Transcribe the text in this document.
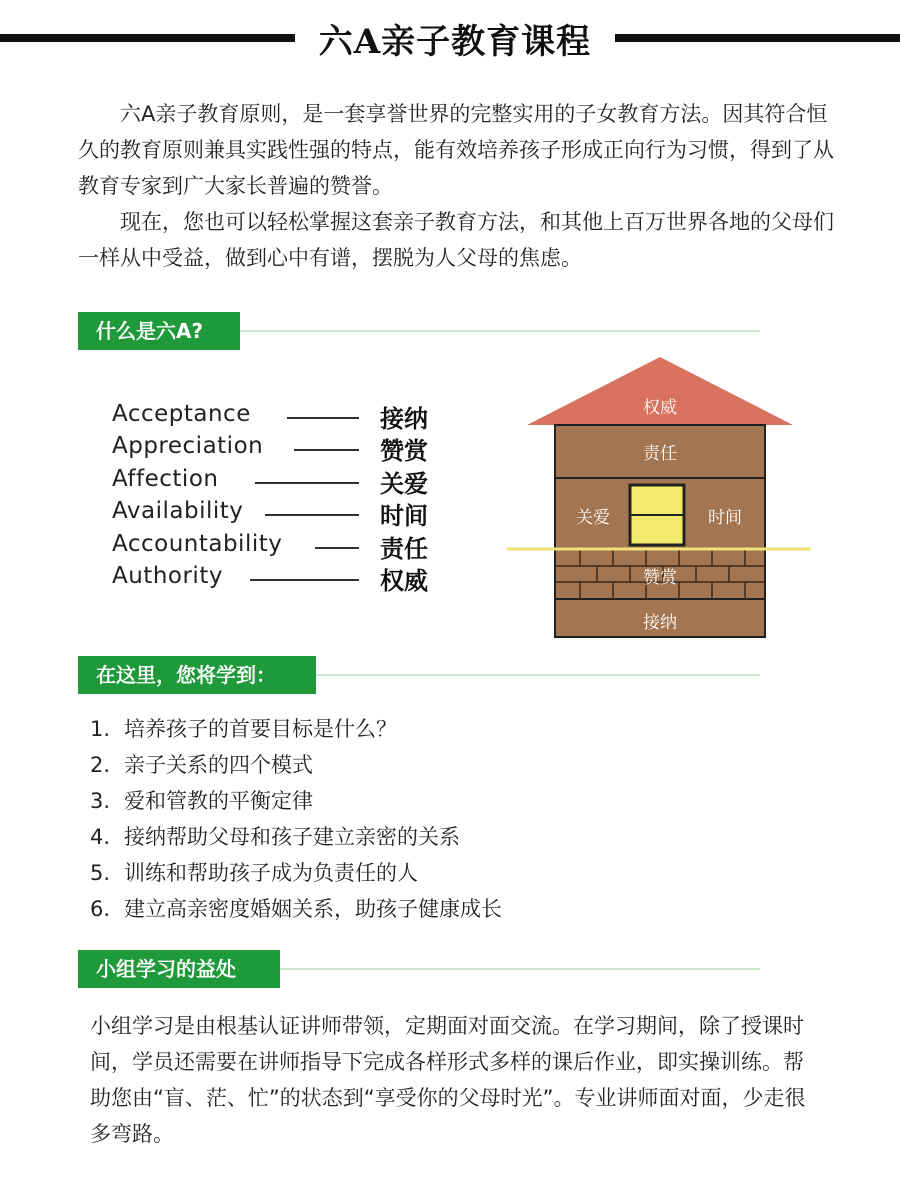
六A亲子教育课程

六A亲子教育原则，是一套享誉世界的完整实用的子女教育方法。因其符合恒久的教育原则兼具实践性强的特点，能有效培养孩子形成正向行为习惯，得到了从教育专家到广大家长普遍的赞誉。

现在，您也可以轻松掌握这套亲子教育方法，和其他上百万世界各地的父母们一样从中受益，做到心中有谱，摆脱为人父母的焦虑。

什么是六A?
Acceptance	接纳
Appreciation	赞赏
Affection	关爱
Availability	时间
Accountability	责任
Authority	权威
权威
责任
关爱	时间
赞赏
接纳
在这里，您将学到：
1. 培养孩子的首要目标是什么？
2. 亲子关系的四个模式
3. 爱和管教的平衡定律
4. 接纳帮助父母和孩子建立亲密的关系
5. 训练和帮助孩子成为负责任的人
6. 建立高亲密度婚姻关系，助孩子健康成长
小组学习的益处

小组学习是由根基认证讲师带领，定期面对面交流。在学习期间，除了授课时间，学员还需要在讲师指导下完成各样形式多样的课后作业，即实操训练。帮助您由“盲、茫、忙”的状态到“享受你的父母时光”。专业讲师面对面，少走很多弯路。
